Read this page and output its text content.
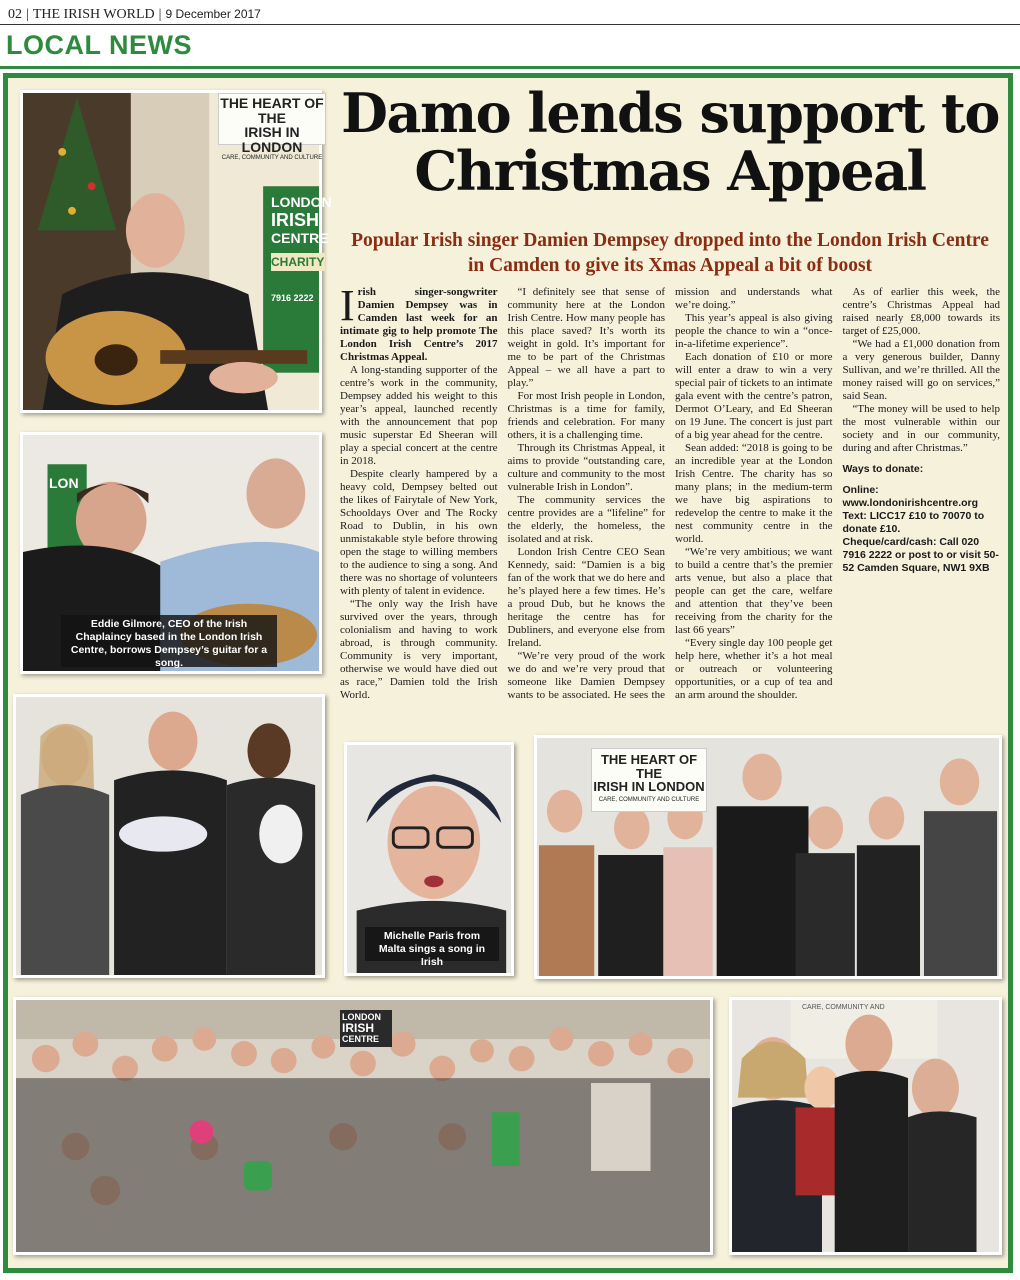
02 | THE IRISH WORLD | 9 December 2017
LOCAL NEWS
THE HEART OF THE
IRISH IN LONDON
CARE, COMMUNITY AND CULTURE
LONDON
IRISH
CENTRE
CHARITY
7916 2222
LON
Eddie Gilmore, CEO of the Irish Chaplaincy based in the London Irish Centre, borrows Dempsey’s guitar for a song.
Michelle Paris from Malta sings a song in Irish
THE HEART OF THE
IRISH IN LONDON
CARE, COMMUNITY AND CULTURE
LONDON
IRISH
CENTRE
CARE, COMMUNITY AND
Damo lends support to Christmas Appeal
Popular Irish singer Damien Dempsey dropped into the London Irish Centre in Camden to give its Xmas Appeal a bit of boost

Irish singer-songwriter Damien Dempsey was in Camden last week for an intimate gig to help promote The London Irish Centre’s 2017 Christmas Appeal.

A long-standing supporter of the centre’s work in the community, Dempsey added his weight to this year’s appeal, launched recently with the announcement that pop music superstar Ed Sheeran will play a special concert at the centre in 2018.

Despite clearly hampered by a heavy cold, Dempsey belted out the likes of Fairytale of New York, Schooldays Over and The Rocky Road to Dublin, in his own unmistakable style before throwing open the stage to willing members to the audience to sing a song. And there was no shortage of volunteers with plenty of talent in evidence.

“The only way the Irish have survived over the years, through colonialism and having to work abroad, is through community. Community is very important, otherwise we would have died out as race,” Damien told the Irish World.

“I definitely see that sense of community here at the London Irish Centre. How many people has this place saved? It’s worth its weight in gold. It’s important for me to be part of the Christmas Appeal – we all have a part to play.”

For most Irish people in London, Christmas is a time for family, friends and celebration. For many others, it is a challenging time.

Through its Christmas Appeal, it aims to provide “outstanding care, culture and community to the most vulnerable Irish in London”.

The community services the centre provides are a “lifeline” for the elderly, the homeless, the isolated and at risk.

London Irish Centre CEO Sean Kennedy, said: “Damien is a big fan of the work that we do here and he’s played here a few times. He’s a proud Dub, but he knows the heritage the centre has for Dubliners, and everyone else from Ireland.

“We’re very proud of the work we do and we’re very proud that someone like Damien Dempsey wants to be associated. He sees the mission and understands what we’re doing.”

This year’s appeal is also giving people the chance to win a “once-in-a-lifetime experience”.

Each donation of £10 or more will enter a draw to win a very special pair of tickets to an intimate gala event with the centre’s patron, Dermot O’Leary, and Ed Sheeran on 19 June. The concert is just part of a big year ahead for the centre.

Sean added: “2018 is going to be an incredible year at the London Irish Centre. The charity has so many plans; in the medium-term we have big aspirations to redevelop the centre to make it the nest community centre in the world.

“We’re very ambitious; we want to build a centre that’s the premier arts venue, but also a place that people can get the care, welfare and attention that they’ve been receiving from the charity for the last 66 years”

“Every single day 100 people get help here, whether it’s a hot meal or outreach or volunteering opportunities, or a cup of tea and an arm around the shoulder.

As of earlier this week, the centre’s Christmas Appeal had raised nearly £8,000 towards its target of £25,000.

“We had a £1,000 donation from a very generous builder, Danny Sullivan, and we’re thrilled. All the money raised will go on services,” said Sean.

“The money will be used to help the most vulnerable within our society and in our community, during and after Christmas.”

Ways to donate:

Online:

www.londonirishcentre.org

Text: LICC17 £10 to 70070 to donate £10.

Cheque/card/cash: Call 020 7916 2222 or post to or visit 50-52 Camden Square, NW1 9XB
